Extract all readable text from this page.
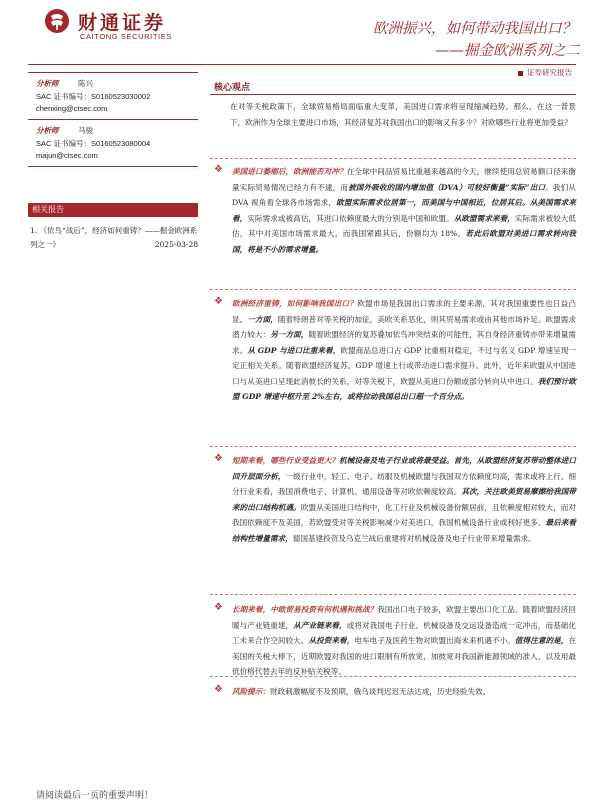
财通证券
CAITONG SECURITIES	欧洲振兴，如何带动我国出口？
——掘金欧洲系列之二
证券研究报告
分析师	陈兴
SAC 证书编号：S0160523030002
chenxing@ctsec.com
分析师	马骏
SAC 证书编号：S0160523080004
majun@ctsec.com
相关报告
1. 《依鸟“战后”，经济如何重铸？——掘金欧洲系列之一》	2025-03-28
核心观点
在对等关税政策下，全球贸易格局面临重大变革，美国进口需求将呈现缩减趋势。那么，在这一背景下，欧洲作为全球主要进口市场，其经济复苏对我国出口的影响又有多少？对欧哪些行业将更加受益？
❖ 美国进口萎缩后，欧洲能否对冲？在全球中间品贸易比重越来越高的今天，继续使用总贸易额口径来衡量实际贸易情况已经力有不逮，而被国外吸收的国内增加值（DVA）可较好衡量“实际”出口。我们从 DVA 视角看全球各市场需求，欧盟实际需求位居第一，而美国与中国相近，位居其后。从美国需求来看，实际需求或被高估，其进口依赖度最大的分别是中国和欧盟。从欧盟需求来看，实际需求被较大低估，其中对美国市场需求最大，而我国紧跟其后，份额均为 18%。若此后欧盟对美进口需求转向我国，将是不小的需求增量。
❖ 欧洲经济重铸，如何影响我国出口？欧盟市场是我国出口需求的主要来源，其对我国重要性也日益凸显。一方面，随着特朗普对等关税的加征，美欧关系恶化，则其贸易需求或由其他市场补足。欧盟需求潜力较大：另一方面，随着欧盟经济的复苏叠加依鸟冲突结束的可能性，其自身经济重铸亦带来增量需求。从 GDP 与进口比重来看，欧盟商品总进口占 GDP 比重相对稳定，不过与名义 GDP 增速呈现一定正相关关系。随着欧盟经济复苏，GDP 增速上行或带动进口需求提升。此外，近年来欧盟从中国进口与从美进口呈现此消彼长的关系，对等关税下，欧盟从美进口份额或部分转向从中进口。我们预计欧盟 GDP 增速中枢升至 2%左右，或将拉动我国总出口超一个百分点。
❖ 短期来看，哪些行业受益更大？机械设备及电子行业或将最受益。首先，从欧盟经济复苏带动整体进口回升层面分析，一级行业中，轻工、电子、纺服及机械欧盟与我国双方依赖度均高，需求或将上行。细分行业来看，我国消费电子、计算机、通用设备等对欧依赖度较高。其次，关注欧美贸易摩擦给我国带来的出口结构机遇。欧盟从美国进口结构中，化工行业及机械设备份额居前，且依赖度相对较大，而对我国依赖度不及美国，若欧盟受对等关税影响减少对美进口，我国机械设备行业或利好更多。最后来看结构性增量需求，德国基建投资及乌克兰战后重建将对机械设备及电子行业带来增量需求。
❖ 长期来看，中欧贸易投资有何机遇和挑战？我国出口电子较多，欧盟主要出口化工品。随着欧盟经济回暖与产业链重建，从产业链来看，或将对我国电子行业、机械设备及交运设备造成一定冲击，而基础化工未来合作空间较大。从投资来看，电车电子及医药生物对欧盟出海未来机遇不小。值得注意的是，在美国的关税大棒下，近期欧盟对我国的进口限制有所放宽，加彼宽对我国新能源领域的准入、以及用最低价格代替去年的反补贴关税等。
❖ 风险提示：财政刺激幅度不及预期，俄乌谈判迟迟无法达成，历史经验失效。
请阅读最后一页的重要声明！
